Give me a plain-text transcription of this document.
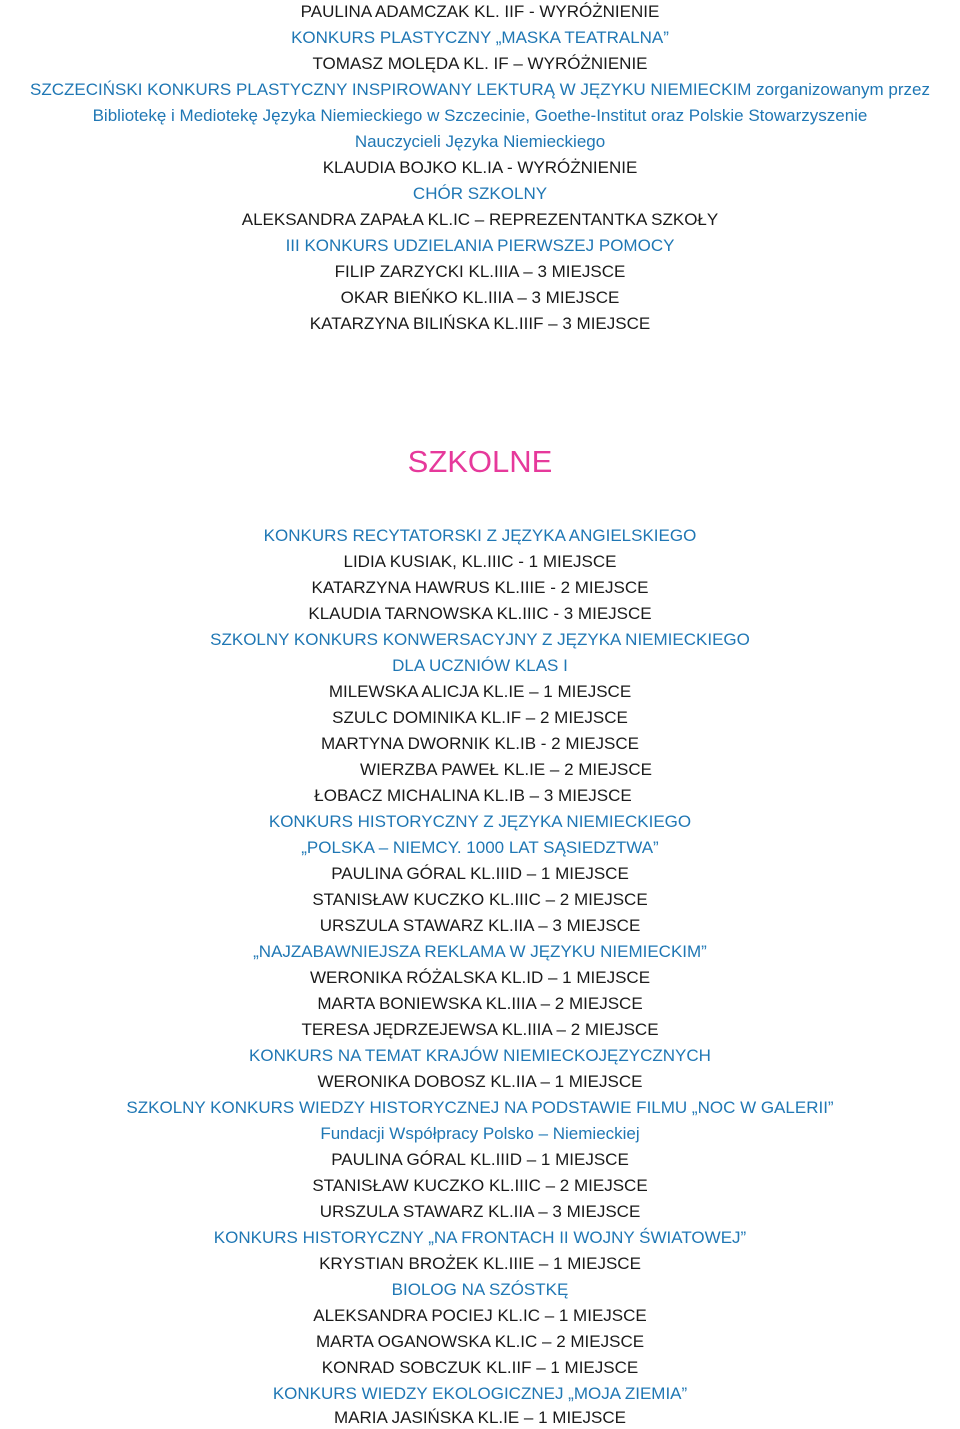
PAULINA ADAMCZAK KL. IIF - WYRÓŻNIENIE
KONKURS PLASTYCZNY „MASKA TEATRALNA”
TOMASZ MOLĘDA KL. IF – WYRÓŻNIENIE
SZCZECIŃSKI KONKURS PLASTYCZNY INSPIROWANY LEKTURĄ W JĘZYKU NIEMIECKIM zorganizowanym przez
Bibliotekę i Mediotekę Języka Niemieckiego w Szczecinie, Goethe-Institut oraz Polskie Stowarzyszenie
Nauczycieli Języka Niemieckiego
KLAUDIA BOJKO KL.IA - WYRÓŻNIENIE
CHÓR SZKOLNY
ALEKSANDRA ZAPAŁA KL.IC – REPREZENTANTKA SZKOŁY
III KONKURS UDZIELANIA PIERWSZEJ POMOCY
FILIP ZARZYCKI KL.IIIA – 3 MIEJSCE
OKAR BIEŃKO KL.IIIA – 3 MIEJSCE
KATARZYNA BILIŃSKA KL.IIIF – 3 MIEJSCE
SZKOLNE
KONKURS RECYTATORSKI Z JĘZYKA ANGIELSKIEGO
LIDIA KUSIAK, KL.IIIC - 1 MIEJSCE
KATARZYNA HAWRUS KL.IIIE - 2 MIEJSCE
KLAUDIA TARNOWSKA KL.IIIC - 3 MIEJSCE
SZKOLNY KONKURS KONWERSACYJNY Z JĘZYKA NIEMIECKIEGO
DLA UCZNIÓW KLAS I
MILEWSKA ALICJA KL.IE – 1 MIEJSCE
SZULC DOMINIKA KL.IF – 2 MIEJSCE
MARTYNA DWORNIK KL.IB - 2 MIEJSCE
WIERZBA PAWEŁ KL.IE – 2 MIEJSCE
ŁOBACZ MICHALINA KL.IB – 3 MIEJSCE
KONKURS HISTORYCZNY Z JĘZYKA NIEMIECKIEGO
„POLSKA – NIEMCY. 1000 LAT SĄSIEDZTWA”
PAULINA GÓRAL KL.IIID – 1 MIEJSCE
STANISŁAW KUCZKO KL.IIIC – 2 MIEJSCE
URSZULA STAWARZ KL.IIA – 3 MIEJSCE
„NAJZABAWNIEJSZA REKLAMA W JĘZYKU NIEMIECKIM”
WERONIKA RÓŻALSKA KL.ID – 1 MIEJSCE
MARTA BONIEWSKA KL.IIIA – 2 MIEJSCE
TERESA JĘDRZEJEWSA KL.IIIA – 2 MIEJSCE
KONKURS NA TEMAT KRAJÓW NIEMIECKOJĘZYCZNYCH
WERONIKA DOBOSZ KL.IIA – 1 MIEJSCE
SZKOLNY KONKURS WIEDZY HISTORYCZNEJ NA PODSTAWIE FILMU „NOC W GALERII”
Fundacji Współpracy Polsko – Niemieckiej
PAULINA GÓRAL KL.IIID – 1 MIEJSCE
STANISŁAW KUCZKO KL.IIIC – 2 MIEJSCE
URSZULA STAWARZ KL.IIA – 3 MIEJSCE
KONKURS HISTORYCZNY „NA FRONTACH II WOJNY ŚWIATOWEJ”
KRYSTIAN BROŻEK KL.IIIE – 1 MIEJSCE
BIOLOG NA SZÓSTKĘ
ALEKSANDRA POCIEJ KL.IC – 1 MIEJSCE
MARTA OGANOWSKA KL.IC – 2 MIEJSCE
KONRAD SOBCZUK KL.IIF – 1 MIEJSCE
KONKURS WIEDZY EKOLOGICZNEJ „MOJA ZIEMIA”
MARIA JASIŃSKA KL.IE – 1 MIEJSCE
